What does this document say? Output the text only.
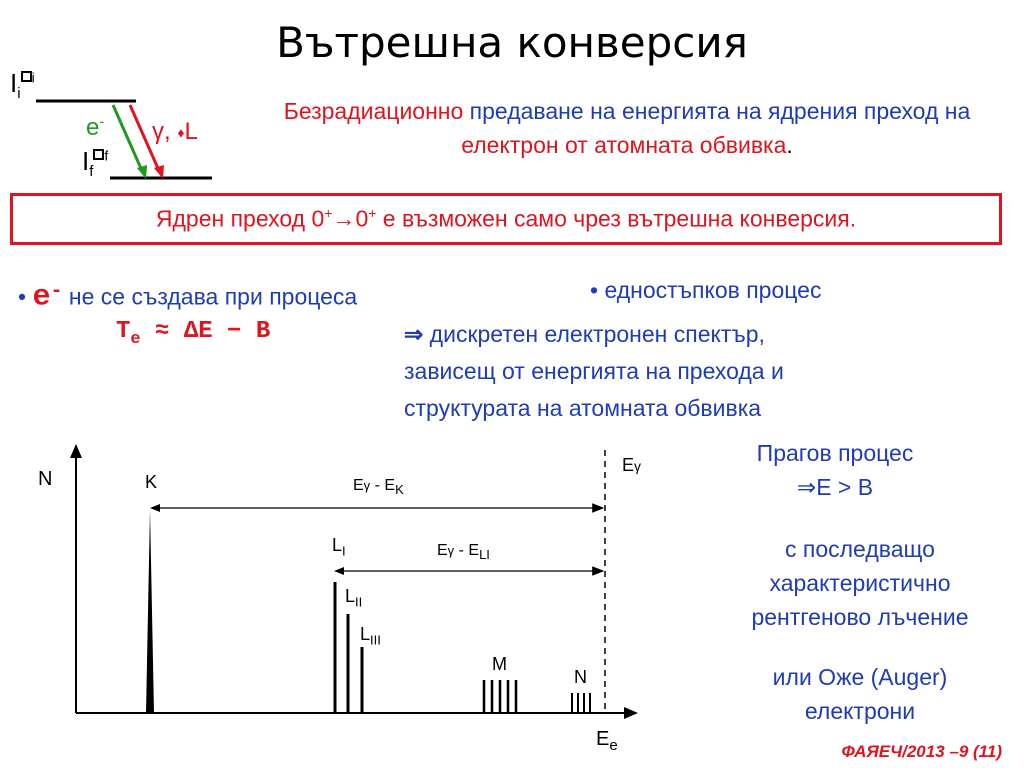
Вътрешна конверсия
$I_i^i$
$I_f^f$
e- γ, ♦L
Безрадиационно предаване на енергията на ядрения преход на електрон от атомната обвивка.
Ядрен преход 0+→0+ е възможен само чрез вътрешна конверсия.
• e- не се създава при процеса
$T_e \approx \Delta E - B$
• едностъпков процес
⇒ дискретен електронен спектър,
зависещ от енергията на прехода и
структурата на атомната обвивка
Прагов процес
⇒E > B
с последващо
характеристично
рентгеново лъчение
или Оже (Auger)
електрони
N
$E_e$
K
$L_I$
$L_{II}$
$L_{III}$
M
N
Eγ
Eγ - $E_K$
Eγ - $E_{LI}$
ФАЯЕЧ/2013 –9 (11)
